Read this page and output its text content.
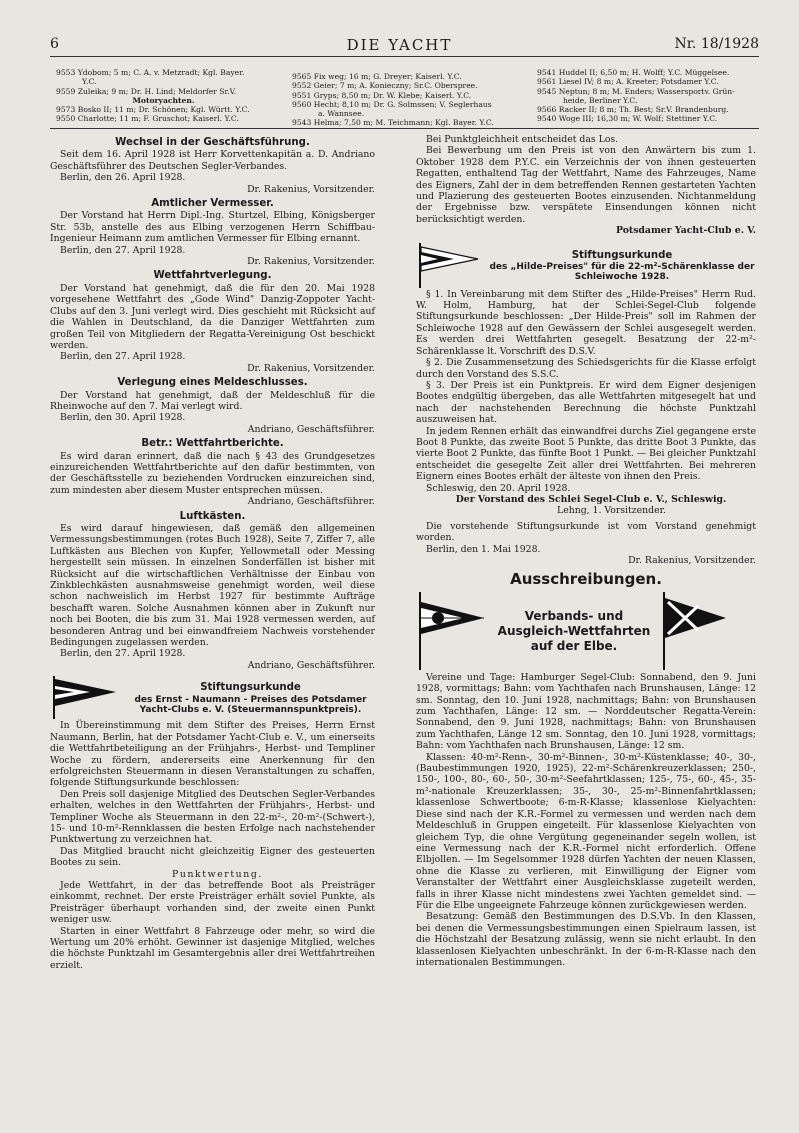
6	DIE YACHT	Nr. 18/1928
9553 Ydobom; 5 m; C. A. v. Metzradt; Kgl. Bayer.
Y.C.
9559 Zuleika; 9 m; Dr. H. Lind; Meldorfer Sr.V.
Motoryachten.
9573 Bosko II; 11 m; Dr. Schönen; Kgl. Württ. Y.C.
9550 Charlotte; 11 m; F. Gruschot; Kaiserl. Y.C.
9565 Fix weg; 16 m; G. Dreyer; Kaiserl. Y.C.
9552 Geier; 7 m; A. Konieczny; Sr.C. Oberspree.
9551 Gryps; 8,50 m; Dr. W. Klebe; Kaiserl. Y.C.
9560 Hecht; 8,10 m; Dr. G. Solmssen; V. Seglerhaus
a. Wannsee.
9543 Helma; 7,50 m; M. Teichmann; Kgl. Bayer. Y.C.
9541 Huddel II; 6,50 m; H. Wolff; Y.C. Müggelsee.
9561 Liesel IV; 8 m; A. Kreeter; Potsdamer Y.C.
9545 Neptun; 8 m; M. Enders; Wassersportv. Grün-
heide, Berliner Y.C.
9566 Racker II; 8 m; Th. Best; Sr.V. Brandenburg.
9540 Woge III; 16,30 m; W. Wolf; Stettiner Y.C.
Wechsel in der Geschäftsführung.

Seit dem 16. April 1928 ist Herr Korvettenkapitän a. D. Andriano Geschäftsführer des Deutschen Segler-Verbandes.

Berlin, den 26. April 1928.

Dr. Rakenius, Vorsitzender.

Amtlicher Vermesser.

Der Vorstand hat Herrn Dipl.-Ing. Sturtzel, Elbing, Königsberger Str. 53b, anstelle des aus Elbing verzogenen Herrn Schiffbau-Ingenieur Heimann zum amtlichen Vermesser für Elbing ernannt.

Berlin, den 27. April 1928.

Dr. Rakenius, Vorsitzender.

Wettfahrtverlegung.

Der Vorstand hat genehmigt, daß die für den 20. Mai 1928 vorgesehene Wettfahrt des „Gode Wind" Danzig-Zoppoter Yacht-Clubs auf den 3. Juni verlegt wird. Dies geschieht mit Rücksicht auf die Wahlen in Deutschland, da die Danziger Wettfahrten zum großen Teil von Mitgliedern der Regatta-Vereinigung Ost beschickt werden.

Berlin, den 27. April 1928.

Dr. Rakenius, Vorsitzender.

Verlegung eines Meldeschlusses.

Der Vorstand hat genehmigt, daß der Meldeschluß für die Rheinwoche auf den 7. Mai verlegt wird.

Berlin, den 30. April 1928.

Andriano, Geschäftsführer.

Betr.: Wettfahrtberichte.

Es wird daran erinnert, daß die nach § 43 des Grundgesetzes einzureichenden Wettfahrtberichte auf den dafür bestimmten, von der Geschäftsstelle zu beziehenden Vordrucken einzureichen sind, zum mindesten aber diesem Muster entsprechen müssen.

Andriano, Geschäftsführer.

Luftkästen.

Es wird darauf hingewiesen, daß gemäß den allgemeinen Vermessungsbestimmungen (rotes Buch 1928), Seite 7, Ziffer 7, alle Luftkästen aus Blechen von Kupfer, Yellowmetall oder Messing hergestellt sein müssen. In einzelnen Sonderfällen ist bisher mit Rücksicht auf die wirtschaftlichen Verhältnisse der Einbau von Zinkblechkästen ausnahmsweise genehmigt worden, weil diese schon nachweislich im Herbst 1927 für bestimmte Aufträge beschafft waren. Solche Ausnahmen können aber in Zukunft nur noch bei Booten, die bis zum 31. Mai 1928 vermessen werden, auf besonderen Antrag und bei einwandfreiem Nachweis vorstehender Bedingungen zugelassen werden.

Berlin, den 27. April 1928.

Andriano, Geschäftsführer.

Stiftungsurkunde
des Ernst - Naumann - Preises des Potsdamer Yacht-Clubs e. V. (Steuermannspunktpreis).

In Übereinstimmung mit dem Stifter des Preises, Herrn Ernst Naumann, Berlin, hat der Potsdamer Yacht-Club e. V., um einerseits die Wettfahrtbeteiligung an der Frühjahrs-, Herbst- und Templiner Woche zu fördern, andererseits eine Anerkennung für den erfolgreichsten Steuermann in diesen Veranstaltungen zu schaffen, folgende Stiftungsurkunde beschlossen:

Den Preis soll dasjenige Mitglied des Deutschen Segler-Verbandes erhalten, welches in den Wettfahrten der Frühjahrs-, Herbst- und Templiner Woche als Steuermann in den 22-m²-, 20-m²-(Schwert-), 15- und 10-m²-Rennklassen die besten Erfolge nach nachstehender Punktwertung zu verzeichnen hat.

Das Mitglied braucht nicht gleichzeitig Eigner des gesteuerten Bootes zu sein.

Punktwertung.

Jede Wettfahrt, in der das betreffende Boot als Preisträger einkommt, rechnet. Der erste Preisträger erhält soviel Punkte, als Preisträger überhaupt vorhanden sind, der zweite einen Punkt weniger usw.

Starten in einer Wettfahrt 8 Fahrzeuge oder mehr, so wird die Wertung um 20% erhöht. Gewinner ist dasjenige Mitglied, welches die höchste Punktzahl im Gesamtergebnis aller drei Wettfahrtreihen erzielt.

Bei Punktgleichheit entscheidet das Los.

Bei Bewerbung um den Preis ist von den Anwärtern bis zum 1. Oktober 1928 dem P.Y.C. ein Verzeichnis der von ihnen gesteuerten Regatten, enthaltend Tag der Wettfahrt, Name des Fahrzeuges, Name des Eigners, Zahl der in dem betreffenden Rennen gestarteten Yachten und Plazierung des gesteuerten Bootes einzusenden. Nichtanmeldung der Ergebnisse bzw. verspätete Einsendungen können nicht berücksichtigt werden.

Potsdamer Yacht-Club e. V.

Stiftungsurkunde
des „Hilde-Preises" für die 22-m²-Schärenklasse der Schleiwoche 1928.

§ 1. In Vereinbarung mit dem Stifter des „Hilde-Preises" Herrn Rud. W. Holm, Hamburg, hat der Schlei-Segel-Club folgende Stiftungsurkunde beschlossen: „Der Hilde-Preis" soll im Rahmen der Schleiwoche 1928 auf den Gewässern der Schlei ausgesegelt werden. Es werden drei Wettfahrten gesegelt. Besatzung der 22-m²-Schärenklasse lt. Vorschrift des D.S.V.

§ 2. Die Zusammensetzung des Schiedsgerichts für die Klasse erfolgt durch den Vorstand des S.S.C.

§ 3. Der Preis ist ein Punktpreis. Er wird dem Eigner desjenigen Bootes endgültig übergeben, das alle Wettfahrten mitgesegelt hat und nach der nachstehenden Berechnung die höchste Punktzahl auszuweisen hat.

In jedem Rennen erhält das einwandfrei durchs Ziel gegangene erste Boot 8 Punkte, das zweite Boot 5 Punkte, das dritte Boot 3 Punkte, das vierte Boot 2 Punkte, das fünfte Boot 1 Punkt. — Bei gleicher Punktzahl entscheidet die gesegelte Zeit aller drei Wettfahrten. Bei mehreren Eignern eines Bootes erhält der älteste von ihnen den Preis.

Schleswig, den 20. April 1928.

Der Vorstand des Schlei Segel-Club e. V., Schleswig.

Lehng, 1. Vorsitzender.

Die vorstehende Stiftungsurkunde ist vom Vorstand genehmigt worden.

Berlin, den 1. Mai 1928.

Dr. Rakenius, Vorsitzender.

Ausschreibungen.
Verbands- und Ausgleich-Wettfahrten auf der Elbe.

Vereine und Tage: Hamburger Segel-Club: Sonnabend, den 9. Juni 1928, vormittags; Bahn: vom Yachthafen nach Brunshausen, Länge: 12 sm. Sonntag, den 10. Juni 1928, nachmittags; Bahn: von Brunshausen zum Yachthafen, Länge: 12 sm. — Norddeutscher Regatta-Verein: Sonnabend, den 9. Juni 1928, nachmittags; Bahn: von Brunshausen zum Yachthafen, Länge 12 sm. Sonntag, den 10. Juni 1928, vormittags; Bahn: vom Yachthafen nach Brunshausen, Länge: 12 sm.

Klassen: 40-m²-Renn-, 30-m²-Binnen-, 30-m²-Küstenklasse; 40-, 30-, (Baubestimmungen 1920, 1925), 22-m²-Schärenkreuzerklassen; 250-, 150-, 100-, 80-, 60-, 50-, 30-m²-Seefahrtklassen; 125-, 75-, 60-, 45-, 35-m²-nationale Kreuzerklassen; 35-, 30-, 25-m²-Binnenfahrtklassen; klassenlose Schwertboote; 6-m-R-Klasse; klassenlose Kielyachten: Diese sind nach der K.R.-Formel zu vermessen und werden nach dem Meldeschluß in Gruppen eingeteilt. Für klassenlose Kielyachten von gleichem Typ, die ohne Vergütung gegeneinander segeln wollen, ist eine Vermessung nach der K.R.-Formel nicht erforderlich. Offene Elbjollen. — Im Segelsommer 1928 dürfen Yachten der neuen Klassen, ohne die Klasse zu verlieren, mit Einwilligung der Eigner vom Veranstalter der Wettfahrt einer Ausgleichsklasse zugeteilt werden, falls in ihrer Klasse nicht mindestens zwei Yachten gemeldet sind. — Für die Elbe ungeeignete Fahrzeuge können zurückgewiesen werden.

Besatzung: Gemäß den Bestimmungen des D.S.Vb. In den Klassen, bei denen die Vermessungsbestimmungen einen Spielraum lassen, ist die Höchstzahl der Besatzung zulässig, wenn sie nicht erlaubt. In den klassenlosen Kielyachten unbeschränkt. In der 6-m-R-Klasse nach den internationalen Bestimmungen.
